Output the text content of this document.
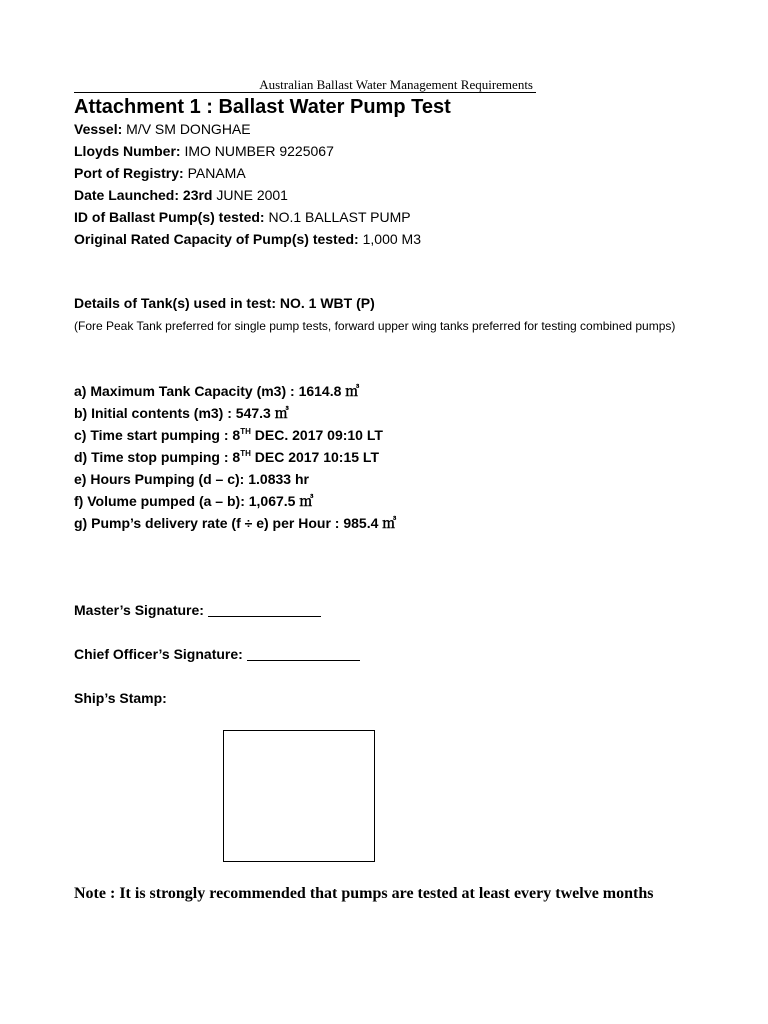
Australian Ballast Water Management Requirements
Attachment 1 : Ballast Water Pump Test
Vessel: M/V SM DONGHAE
Lloyds Number: IMO NUMBER 9225067
Port of Registry: PANAMA
Date Launched: 23rd JUNE 2001
ID of Ballast Pump(s) tested: NO.1 BALLAST PUMP
Original Rated Capacity of Pump(s) tested: 1,000 M3
Details of Tank(s) used in test: NO. 1 WBT (P)
(Fore Peak Tank preferred for single pump tests, forward upper wing tanks preferred for testing combined pumps)
a) Maximum Tank Capacity (m3) : 1614.8 ㎥
b) Initial contents (m3) : 547.3 ㎥
c) Time start pumping : 8TH DEC. 2017 09:10 LT
d) Time stop pumping : 8TH DEC 2017 10:15 LT
e) Hours Pumping (d – c): 1.0833 hr
f) Volume pumped (a – b): 1,067.5 ㎥
g) Pump’s delivery rate (f ÷ e) per Hour : 985.4 ㎥
Master’s Signature:
Chief Officer’s Signature:
Ship’s Stamp:
Note : It is strongly recommended that pumps are tested at least every twelve months
